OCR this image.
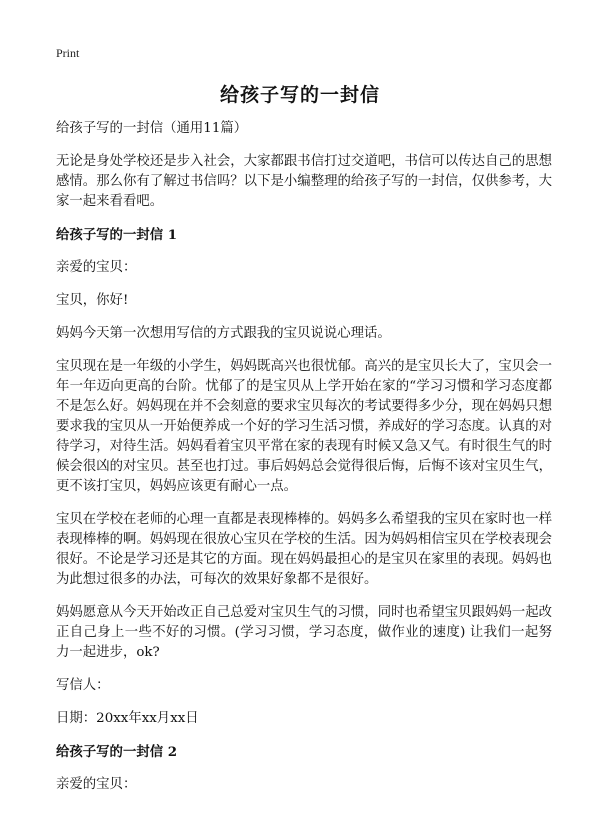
Print
给孩子写的一封信

给孩子写的一封信（通用11篇）

无论是身处学校还是步入社会，大家都跟书信打过交道吧，书信可以传达自己的思想感情。那么你有了解过书信吗？以下是小编整理的给孩子写的一封信，仅供参考，大家一起来看看吧。

给孩子写的一封信 1

亲爱的宝贝：

宝贝，你好!

妈妈今天第一次想用写信的方式跟我的宝贝说说心理话。

宝贝现在是一年级的小学生，妈妈既高兴也很忧郁。高兴的是宝贝长大了，宝贝会一年一年迈向更高的台阶。忧郁了的是宝贝从上学开始在家的“学习习惯和学习态度都不是怎么好。妈妈现在并不会刻意的要求宝贝每次的考试要得多少分，现在妈妈只想要求我的宝贝从一开始便养成一个好的学习生活习惯，养成好的学习态度。认真的对待学习，对待生活。妈妈看着宝贝平常在家的表现有时候又急又气。有时很生气的时候会很凶的对宝贝。甚至也打过。事后妈妈总会觉得很后悔，后悔不该对宝贝生气，更不该打宝贝，妈妈应该更有耐心一点。

宝贝在学校在老师的心理一直都是表现棒棒的。妈妈多么希望我的宝贝在家时也一样表现棒棒的啊。妈妈现在很放心宝贝在学校的生活。因为妈妈相信宝贝在学校表现会很好。不论是学习还是其它的方面。现在妈妈最担心的是宝贝在家里的表现。妈妈也为此想过很多的办法，可每次的效果好象都不是很好。

妈妈愿意从今天开始改正自己总爱对宝贝生气的习惯，同时也希望宝贝跟妈妈一起改正自己身上一些不好的习惯。(学习习惯，学习态度，做作业的速度) 让我们一起努力一起进步，ok?

写信人：

日期：20xx年xx月xx日

给孩子写的一封信 2

亲爱的宝贝：
